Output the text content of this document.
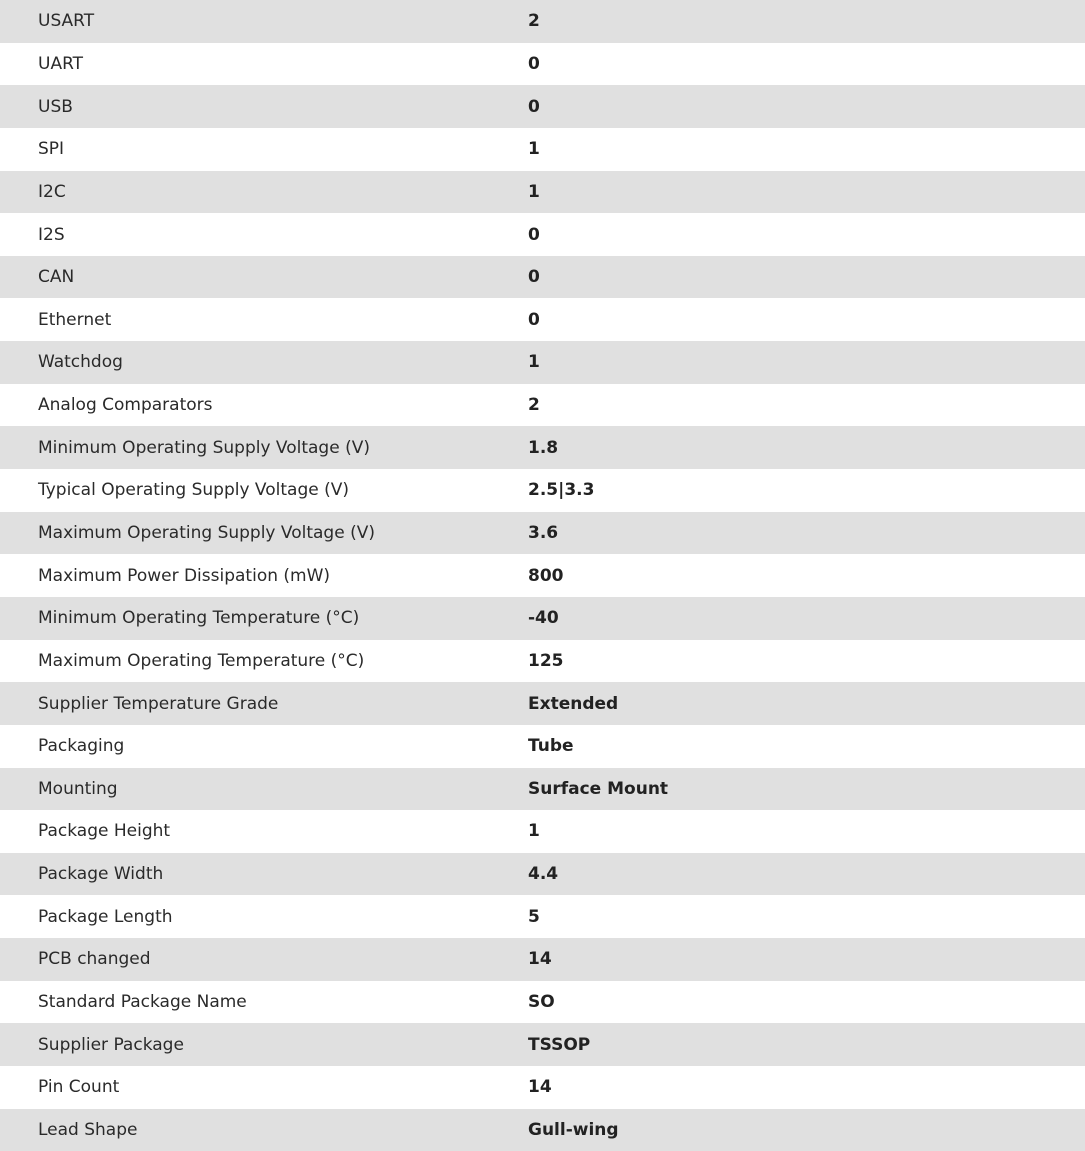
USART	2
UART	0
USB	0
SPI	1
I2C	1
I2S	0
CAN	0
Ethernet	0
Watchdog	1
Analog Comparators	2
Minimum Operating Supply Voltage (V)	1.8
Typical Operating Supply Voltage (V)	2.5|3.3
Maximum Operating Supply Voltage (V)	3.6
Maximum Power Dissipation (mW)	800
Minimum Operating Temperature (°C)	-40
Maximum Operating Temperature (°C)	125
Supplier Temperature Grade	Extended
Packaging	Tube
Mounting	Surface Mount
Package Height	1
Package Width	4.4
Package Length	5
PCB changed	14
Standard Package Name	SO
Supplier Package	TSSOP
Pin Count	14
Lead Shape	Gull-wing
